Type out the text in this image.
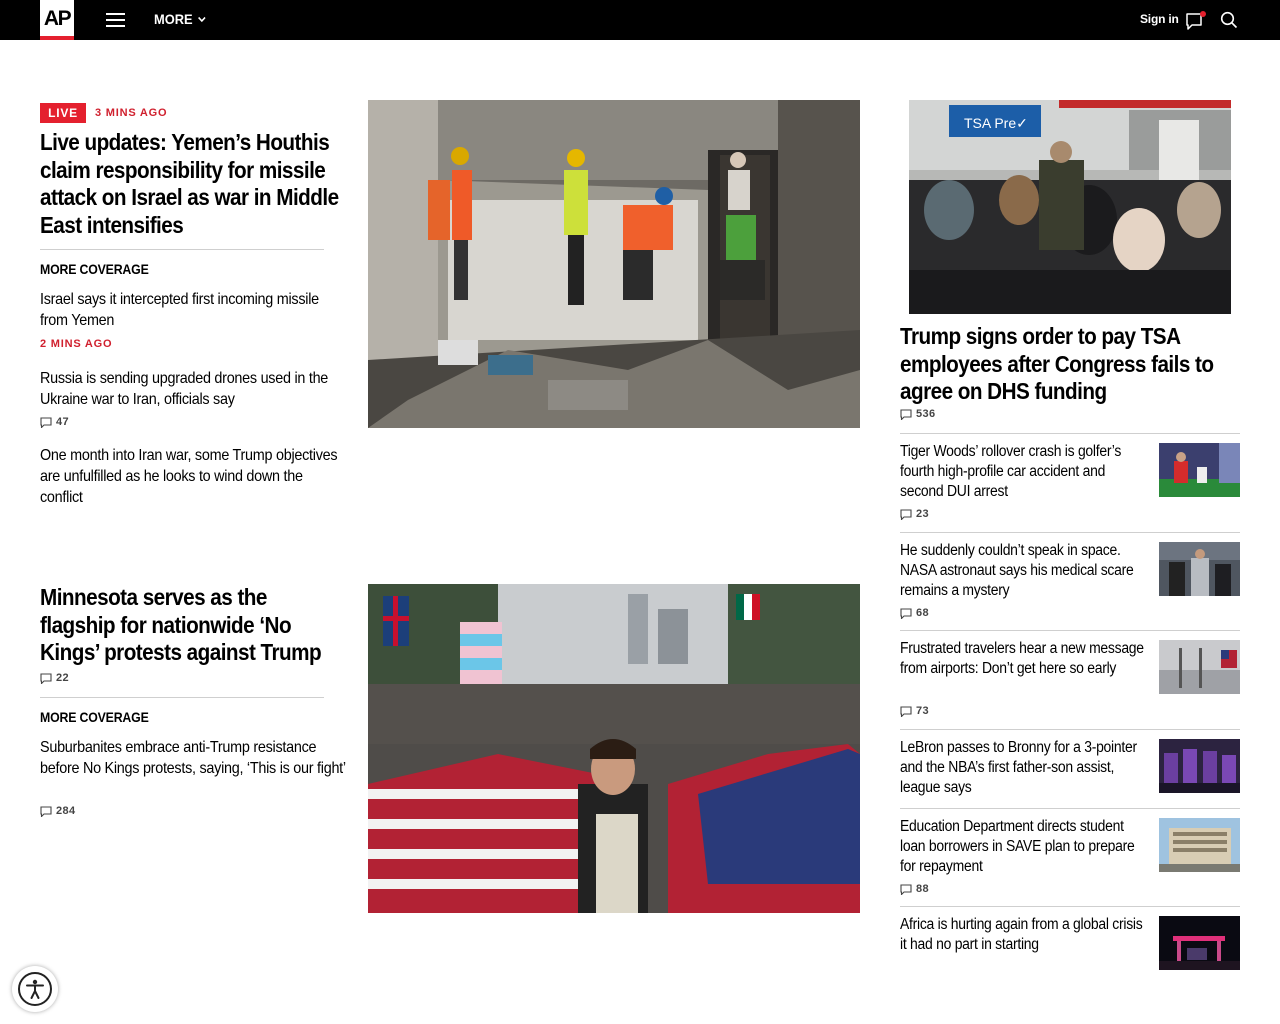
AP	MORE	Sign in
LIVE	3 MINS AGO
Live updates: Yemen’s Houthis claim responsibility for missile attack on Israel as war in Middle East intensifies
MORE COVERAGE
Israel says it intercepted first incoming missile from Yemen
2 MINS AGO
Russia is sending upgraded drones used in the Ukraine war to Iran, officials say
47
One month into Iran war, some Trump objectives are unfulfilled as he looks to wind down the conflict
Minnesota serves as the flagship for nationwide ‘No Kings’ protests against Trump
22
MORE COVERAGE
Suburbanites embrace anti-Trump resistance before No Kings protests, saying, ‘This is our fight’
284
TSA Pre✓
Trump signs order to pay TSA employees after Congress fails to agree on DHS funding
536
Tiger Woods’ rollover crash is golfer’s fourth high-profile car accident and second DUI arrest
23
He suddenly couldn’t speak in space. NASA astronaut says his medical scare remains a mystery
68
Frustrated travelers hear a new message from airports: Don’t get here so early
73
LeBron passes to Bronny for a 3-pointer and the NBA’s first father-son assist, league says
Education Department directs student loan borrowers in SAVE plan to prepare for repayment
88
Africa is hurting again from a global crisis it had no part in starting
